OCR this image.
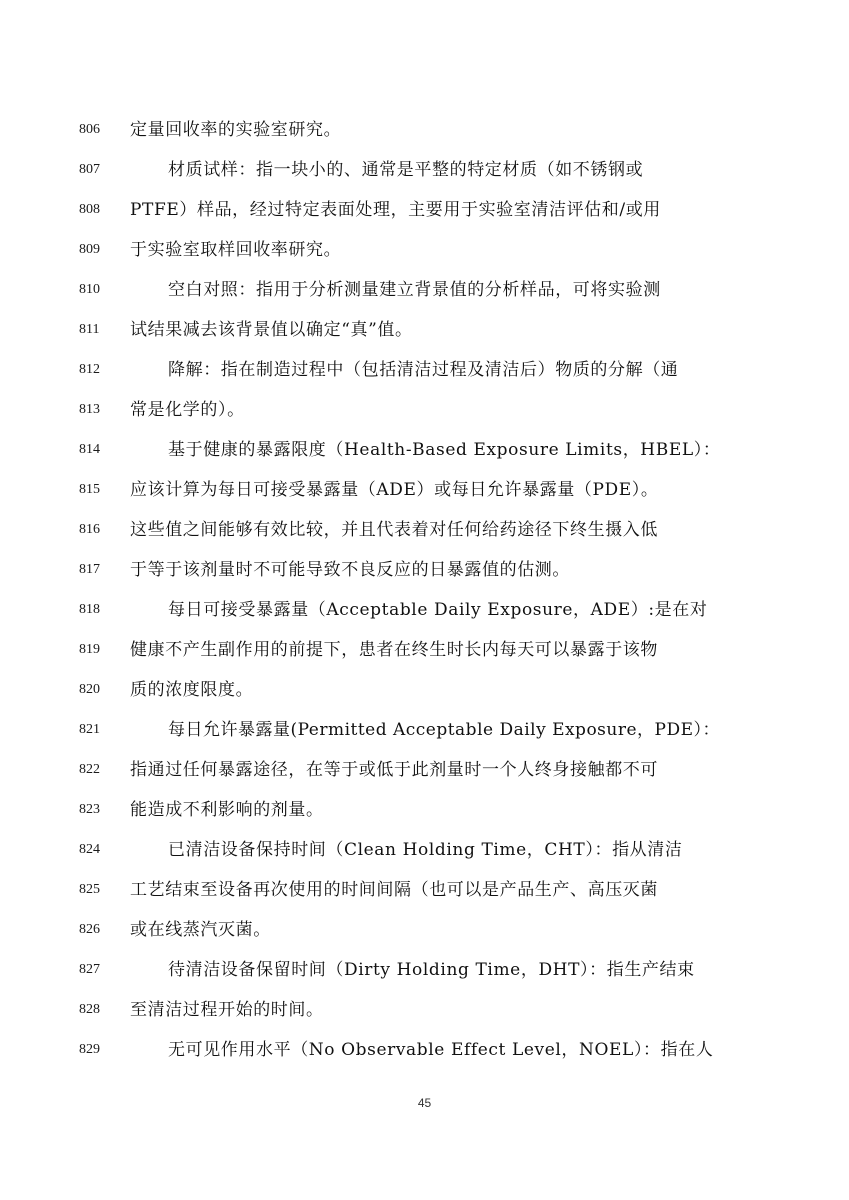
806	定量回收率的实验室研究。
807	材质试样：指一块小的、通常是平整的特定材质（如不锈钢或
808	PTFE）样品，经过特定表面处理，主要用于实验室清洁评估和/或用
809	于实验室取样回收率研究。
810	空白对照：指用于分析测量建立背景值的分析样品，可将实验测
811	试结果减去该背景值以确定“真”值。
812	降解：指在制造过程中（包括清洁过程及清洁后）物质的分解（通
813	常是化学的）。
814	基于健康的暴露限度（Health-Based Exposure Limits，HBEL）：
815	应该计算为每日可接受暴露量（ADE）或每日允许暴露量（PDE）。
816	这些值之间能够有效比较，并且代表着对任何给药途径下终生摄入低
817	于等于该剂量时不可能导致不良反应的日暴露值的估测。
818	每日可接受暴露量（Acceptable Daily Exposure，ADE）:是在对
819	健康不产生副作用的前提下，患者在终生时长内每天可以暴露于该物
820	质的浓度限度。
821	每日允许暴露量(Permitted Acceptable Daily Exposure，PDE）：
822	指通过任何暴露途径，在等于或低于此剂量时一个人终身接触都不可
823	能造成不利影响的剂量。
824	已清洁设备保持时间（Clean Holding Time，CHT）：指从清洁
825	工艺结束至设备再次使用的时间间隔（也可以是产品生产、高压灭菌
826	或在线蒸汽灭菌。
827	待清洁设备保留时间（Dirty Holding Time，DHT）：指生产结束
828	至清洁过程开始的时间。
829	无可见作用水平（No Observable Effect Level，NOEL）：指在人
45
